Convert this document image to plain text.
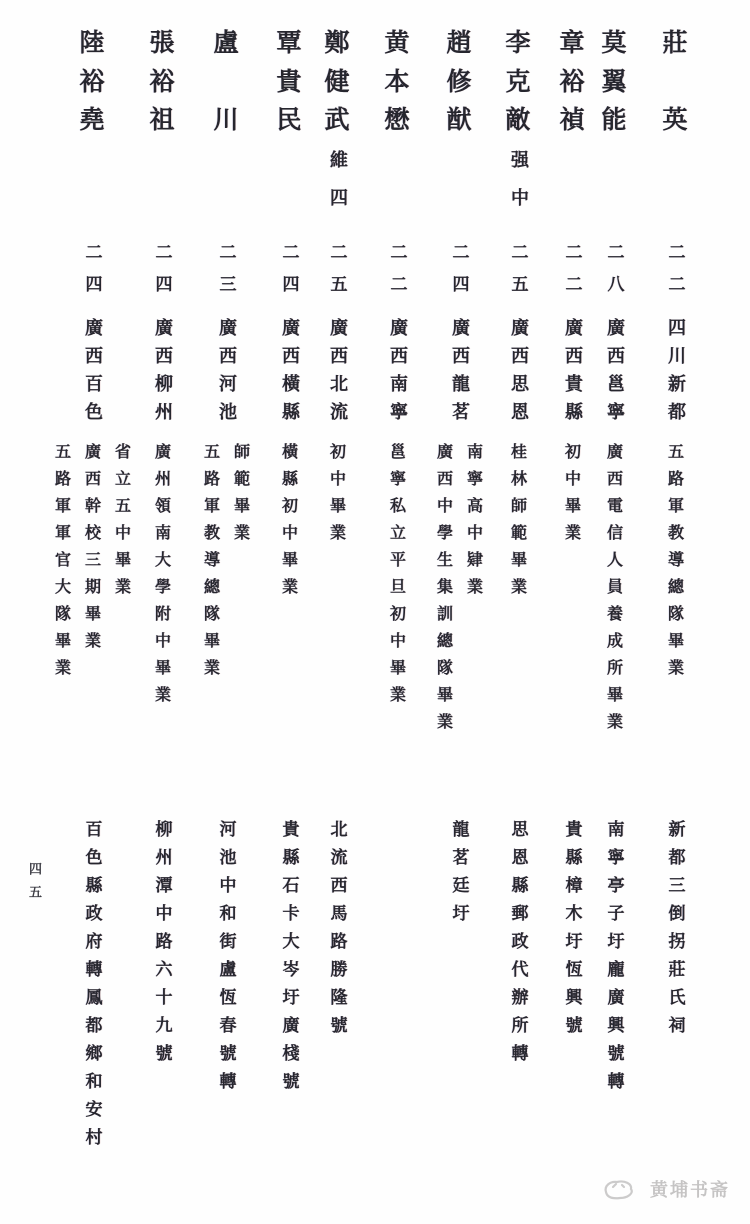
莊
英
二二
四川新都
五路軍教導總隊畢業
新都三倒拐莊氏祠
莫
翼
能
二八
廣西邕寧
廣西電信人員養成所畢業
南寧亭子圩龐廣興號轉
章
裕
禎
二二
廣西貴縣
初中畢業
貴縣樟木圩恆興號
李
克
敵
强中
二五
廣西思恩
桂林師範畢業
思恩縣郵政代辦所轉
趙
修
猷
二四
廣西龍茗
南寧高中肄業
廣西中學生集訓總隊畢業
龍茗廷圩
黄
本
懋
二二
廣西南寧
邕寧私立平旦初中畢業
鄭
健
武
維四
二五
廣西北流
初中畢業
北流西馬路勝隆號
覃
貴
民
二四
廣西橫縣
橫縣初中畢業
貴縣石卡大岑圩廣棧號
盧
川
二三
廣西河池
師範畢業
五路軍教導總隊畢業
河池中和街盧恆春號轉
張
裕
祖
二四
廣西柳州
廣州領南大學附中畢業
柳州潭中路六十九號
陸
裕
堯
二四
廣西百色
省立五中畢業
廣西幹校三期畢業
五路軍軍官大隊畢業
百色縣政府轉鳳都鄉和安村
四五
黄埔书斋
